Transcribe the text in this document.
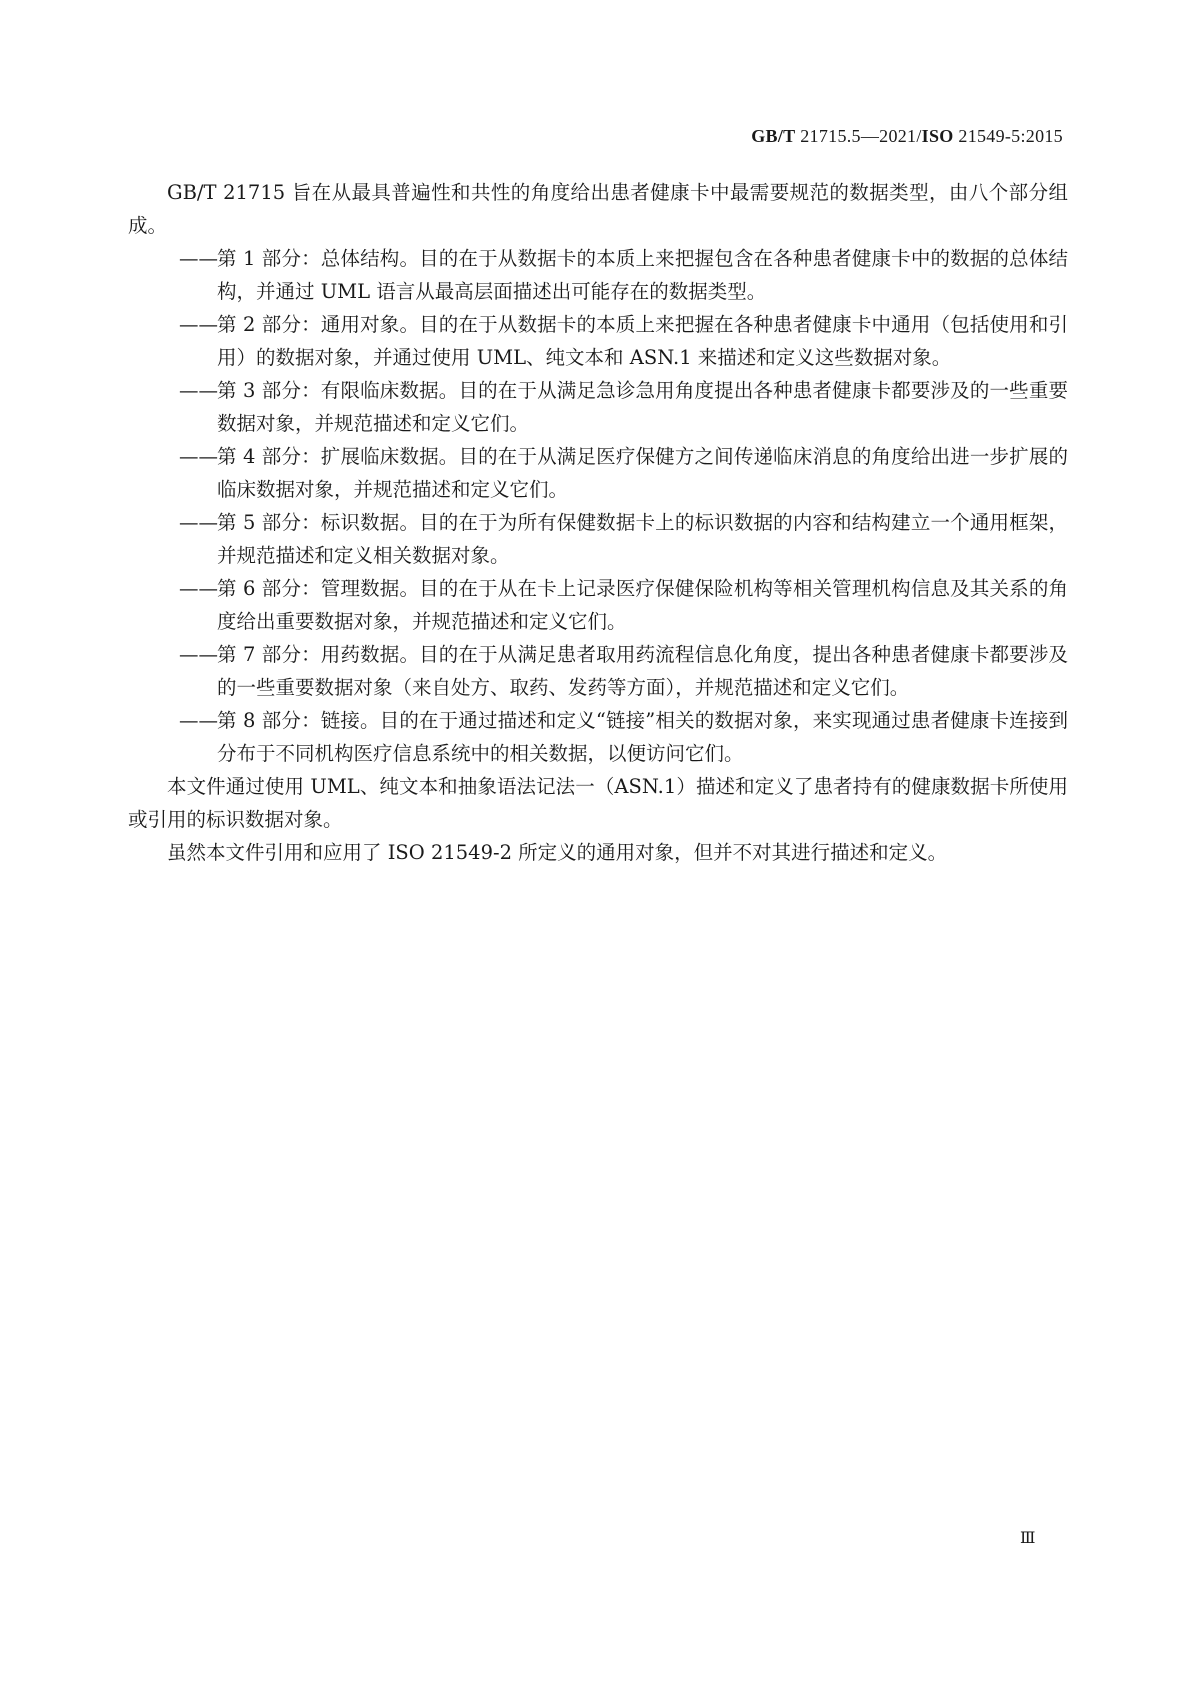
GB/T 21715.5—2021/ISO 21549-5:2015

GB/T 21715 旨在从最具普遍性和共性的角度给出患者健康卡中最需要规范的数据类型，由八个部分组成。

—— 第 1 部分：总体结构。目的在于从数据卡的本质上来把握包含在各种患者健康卡中的数据的总体结构，并通过 UML 语言从最高层面描述出可能存在的数据类型。

—— 第 2 部分：通用对象。目的在于从数据卡的本质上来把握在各种患者健康卡中通用（包括使用和引用）的数据对象，并通过使用 UML、纯文本和 ASN.1 来描述和定义这些数据对象。

—— 第 3 部分：有限临床数据。目的在于从满足急诊急用角度提出各种患者健康卡都要涉及的一些重要数据对象，并规范描述和定义它们。

—— 第 4 部分：扩展临床数据。目的在于从满足医疗保健方之间传递临床消息的角度给出进一步扩展的临床数据对象，并规范描述和定义它们。

—— 第 5 部分：标识数据。目的在于为所有保健数据卡上的标识数据的内容和结构建立一个通用框架，并规范描述和定义相关数据对象。

—— 第 6 部分：管理数据。目的在于从在卡上记录医疗保健保险机构等相关管理机构信息及其关系的角度给出重要数据对象，并规范描述和定义它们。

—— 第 7 部分：用药数据。目的在于从满足患者取用药流程信息化角度，提出各种患者健康卡都要涉及的一些重要数据对象（来自处方、取药、发药等方面），并规范描述和定义它们。

—— 第 8 部分：链接。目的在于通过描述和定义“链接”相关的数据对象，来实现通过患者健康卡连接到分布于不同机构医疗信息系统中的相关数据，以便访问它们。

本文件通过使用 UML、纯文本和抽象语法记法一（ASN.1）描述和定义了患者持有的健康数据卡所使用或引用的标识数据对象。

虽然本文件引用和应用了 ISO 21549-2 所定义的通用对象，但并不对其进行描述和定义。

Ⅲ
